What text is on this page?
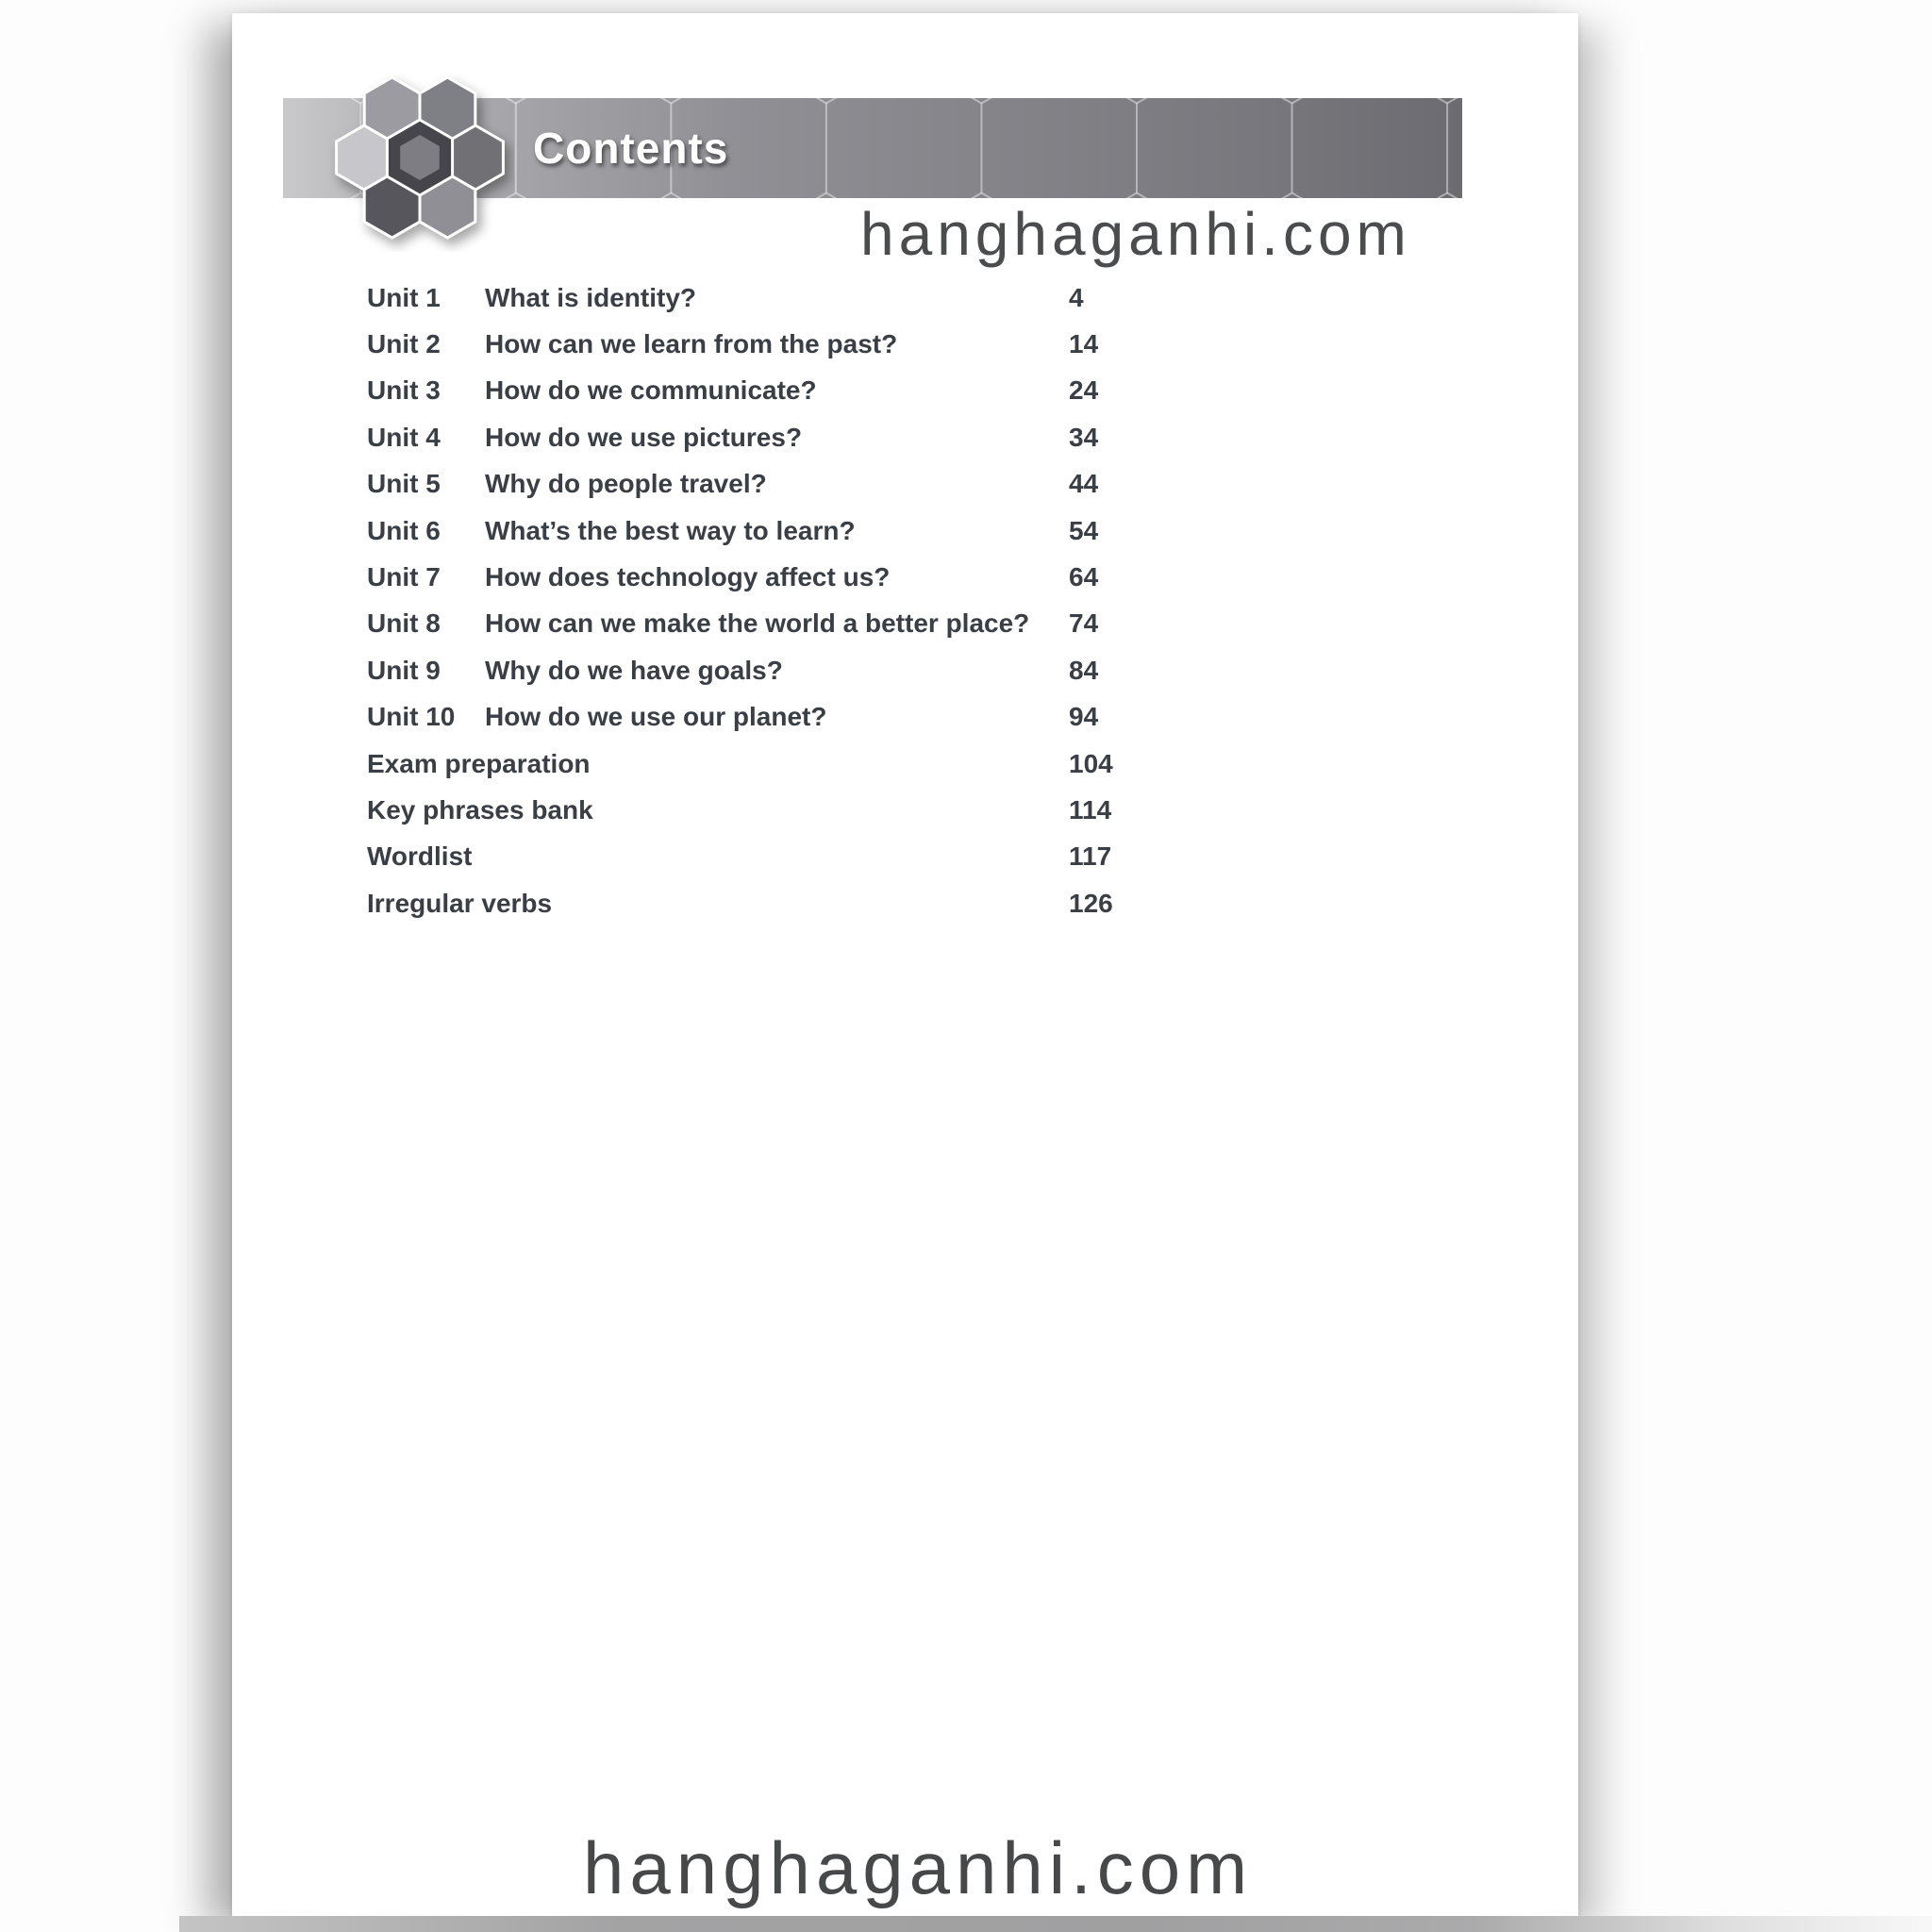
Contents
hanghaganhi.com
hanghaganhi.com
Unit 1	What is identity?	4
Unit 2	How can we learn from the past?	14
Unit 3	How do we communicate?	24
Unit 4	How do we use pictures?	34
Unit 5	Why do people travel?	44
Unit 6	What’s the best way to learn?	54
Unit 7	How does technology affect us?	64
Unit 8	How can we make the world a better place?	74
Unit 9	Why do we have goals?	84
Unit 10	How do we use our planet?	94
Exam preparation	104
Key phrases bank	114
Wordlist	117
Irregular verbs	126
